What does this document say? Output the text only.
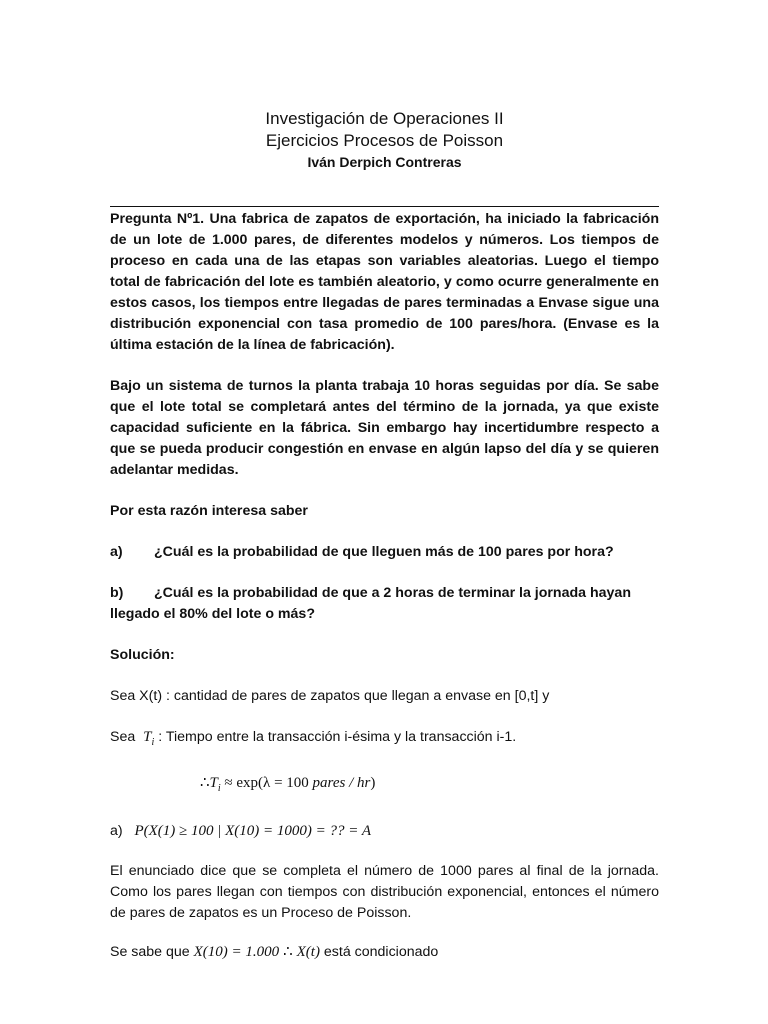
Investigación de Operaciones II

Ejercicios Procesos de Poisson

Iván Derpich Contreras

Pregunta Nº1. Una fabrica de zapatos de exportación, ha iniciado la fabricación de un lote de 1.000 pares, de diferentes modelos y números. Los tiempos de proceso en cada una de las etapas son variables aleatorias. Luego el tiempo total de fabricación del lote es también aleatorio, y como ocurre generalmente en estos casos, los tiempos entre llegadas de pares terminadas a Envase sigue una distribución exponencial con tasa promedio de 100 pares/hora. (Envase es la última estación de la línea de fabricación).

Bajo un sistema de turnos la planta trabaja 10 horas seguidas por día. Se sabe que el lote total se completará antes del término de la jornada, ya que existe capacidad suficiente en la fábrica. Sin embargo hay incertidumbre respecto a que se pueda producir congestión en envase en algún lapso del día y se quieren adelantar medidas.

Por esta razón interesa saber

a)	¿Cuál es la probabilidad de que lleguen más de 100 pares por hora?
b)	¿Cuál es la probabilidad de que a 2 horas de terminar la jornada hayan

llegado el 80% del lote o más?

Solución:

Sea X(t) : cantidad de pares de zapatos que llegan a envase en [0,t] y

Sea $T_i$ : Tiempo entre la transacción i-ésima y la transacción i-1.

$\therefore T_i \approx \exp(\lambda = 100$ pares / hr)

a) P(X(1) ≥ 100 | X(10) = 1000) = ?? = A

El enunciado dice que se completa el número de 1000 pares al final de la jornada. Como los pares llegan con tiempos con distribución exponencial, entonces el número de pares de zapatos es un Proceso de Poisson.

Se sabe que X(10) = 1.000 ∴ X(t) está condicionado
